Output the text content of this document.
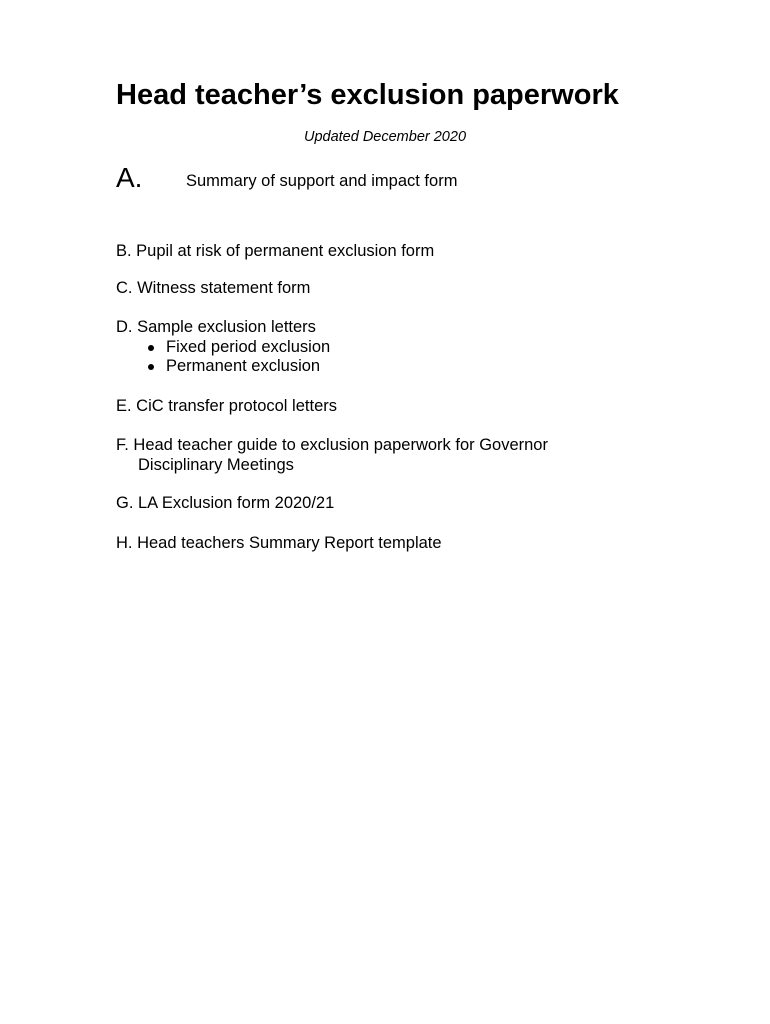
Head teacher’s exclusion paperwork
Updated December 2020
A.	Summary of support and impact form
B. Pupil at risk of permanent exclusion form
C. Witness statement form
D. Sample exclusion letters
Fixed period exclusion
Permanent exclusion
E. CiC transfer protocol letters
F. Head teacher guide to exclusion paperwork for Governor
Disciplinary Meetings
G. LA Exclusion form 2020/21
H. Head teachers Summary Report template
